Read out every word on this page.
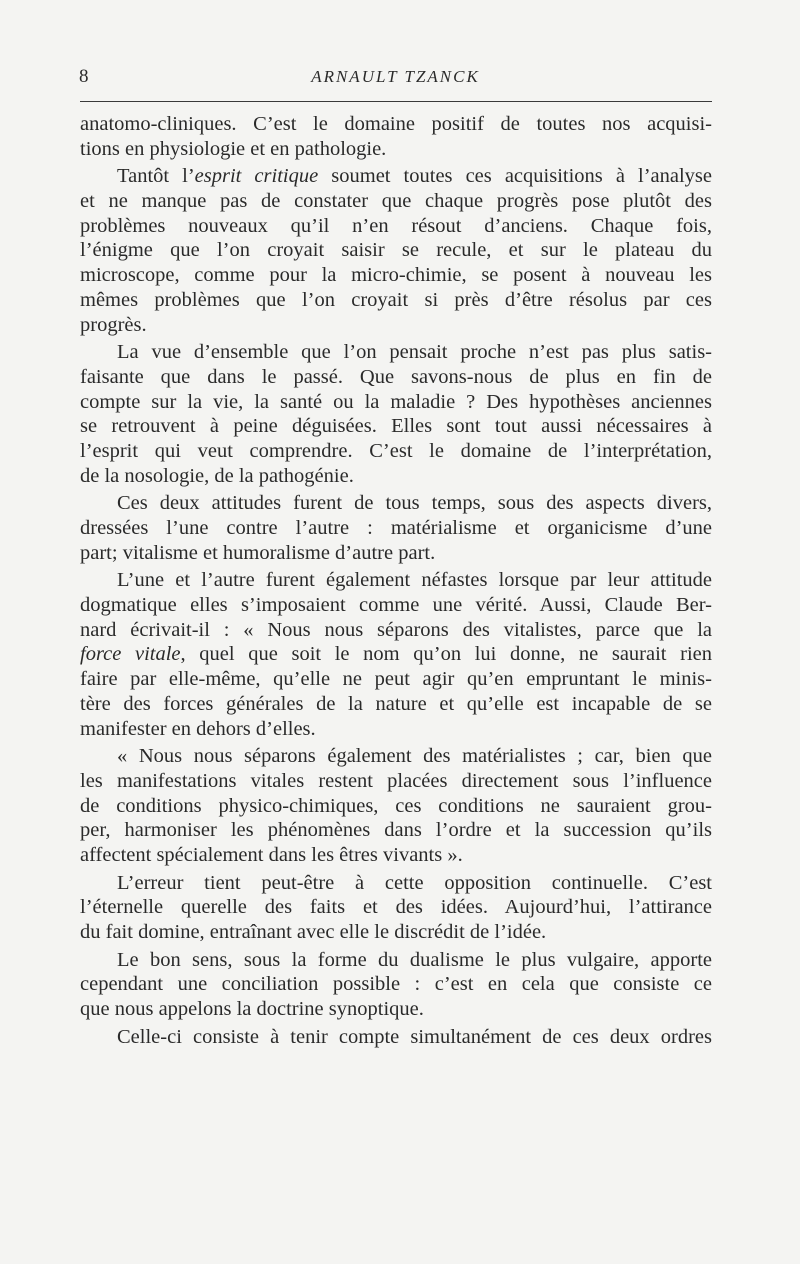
8	ARNAULT TZANCK
anatomo-cliniques. C’est le domaine positif de toutes nos acquisi-
tions en physiologie et en pathologie.
Tantôt l’esprit critique soumet toutes ces acquisitions à l’analyse
et ne manque pas de constater que chaque progrès pose plutôt des
problèmes nouveaux qu’il n’en résout d’anciens. Chaque fois,
l’énigme que l’on croyait saisir se recule, et sur le plateau du
microscope, comme pour la micro-chimie, se posent à nouveau les
mêmes problèmes que l’on croyait si près d’être résolus par ces
progrès.
La vue d’ensemble que l’on pensait proche n’est pas plus satis-
faisante que dans le passé. Que savons-nous de plus en fin de
compte sur la vie, la santé ou la maladie ? Des hypothèses anciennes
se retrouvent à peine déguisées. Elles sont tout aussi nécessaires à
l’esprit qui veut comprendre. C’est le domaine de l’interprétation,
de la nosologie, de la pathogénie.
Ces deux attitudes furent de tous temps, sous des aspects divers,
dressées l’une contre l’autre : matérialisme et organicisme d’une
part; vitalisme et humoralisme d’autre part.
L’une et l’autre furent également néfastes lorsque par leur attitude
dogmatique elles s’imposaient comme une vérité. Aussi, Claude Ber-
nard écrivait-il : « Nous nous séparons des vitalistes, parce que la
force vitale, quel que soit le nom qu’on lui donne, ne saurait rien
faire par elle-même, qu’elle ne peut agir qu’en empruntant le minis-
tère des forces générales de la nature et qu’elle est incapable de se
manifester en dehors d’elles.
« Nous nous séparons également des matérialistes ; car, bien que
les manifestations vitales restent placées directement sous l’influence
de conditions physico-chimiques, ces conditions ne sauraient grou-
per, harmoniser les phénomènes dans l’ordre et la succession qu’ils
affectent spécialement dans les êtres vivants ».
L’erreur tient peut-être à cette opposition continuelle. C’est
l’éternelle querelle des faits et des idées. Aujourd’hui, l’attirance
du fait domine, entraînant avec elle le discrédit de l’idée.
Le bon sens, sous la forme du dualisme le plus vulgaire, apporte
cependant une conciliation possible : c’est en cela que consiste ce
que nous appelons la doctrine synoptique.
Celle-ci consiste à tenir compte simultanément de ces deux ordres
